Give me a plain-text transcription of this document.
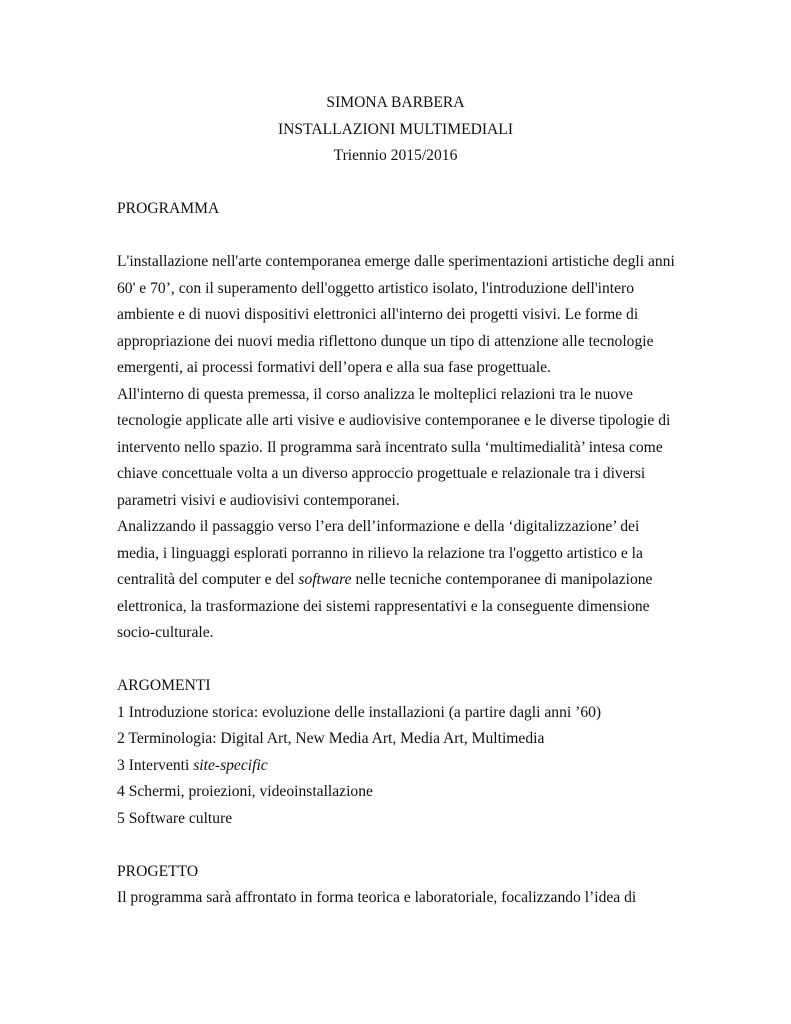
SIMONA BARBERA
INSTALLAZIONI MULTIMEDIALI
Triennio 2015/2016
PROGRAMMA
L'installazione nell'arte contemporanea emerge dalle sperimentazioni artistiche degli anni
60' e 70’, con il superamento dell'oggetto artistico isolato, l'introduzione dell'intero
ambiente e di nuovi dispositivi elettronici all'interno dei progetti visivi. Le forme di
appropriazione dei nuovi media riflettono dunque un tipo di attenzione alle tecnologie
emergenti, ai processi formativi dell’opera e alla sua fase progettuale.
All'interno di questa premessa, il corso analizza le molteplici relazioni tra le nuove
tecnologie applicate alle arti visive e audiovisive contemporanee e le diverse tipologie di
intervento nello spazio. Il programma sarà incentrato sulla ‘multimedialità’ intesa come
chiave concettuale volta a un diverso approccio progettuale e relazionale tra i diversi
parametri visivi e audiovisivi contemporanei.
Analizzando il passaggio verso l’era dell’informazione e della ‘digitalizzazione’ dei
media, i linguaggi esplorati porranno in rilievo la relazione tra l'oggetto artistico e la
centralità del computer e del software nelle tecniche contemporanee di manipolazione
elettronica, la trasformazione dei sistemi rappresentativi e la conseguente dimensione
socio-culturale.
ARGOMENTI
1 Introduzione storica: evoluzione delle installazioni (a partire dagli anni ’60)
2 Terminologia: Digital Art, New Media Art, Media Art, Multimedia
3 Interventi site-specific
4 Schermi, proiezioni, videoinstallazione
5 Software culture
PROGETTO
Il programma sarà affrontato in forma teorica e laboratoriale, focalizzando l’idea di
